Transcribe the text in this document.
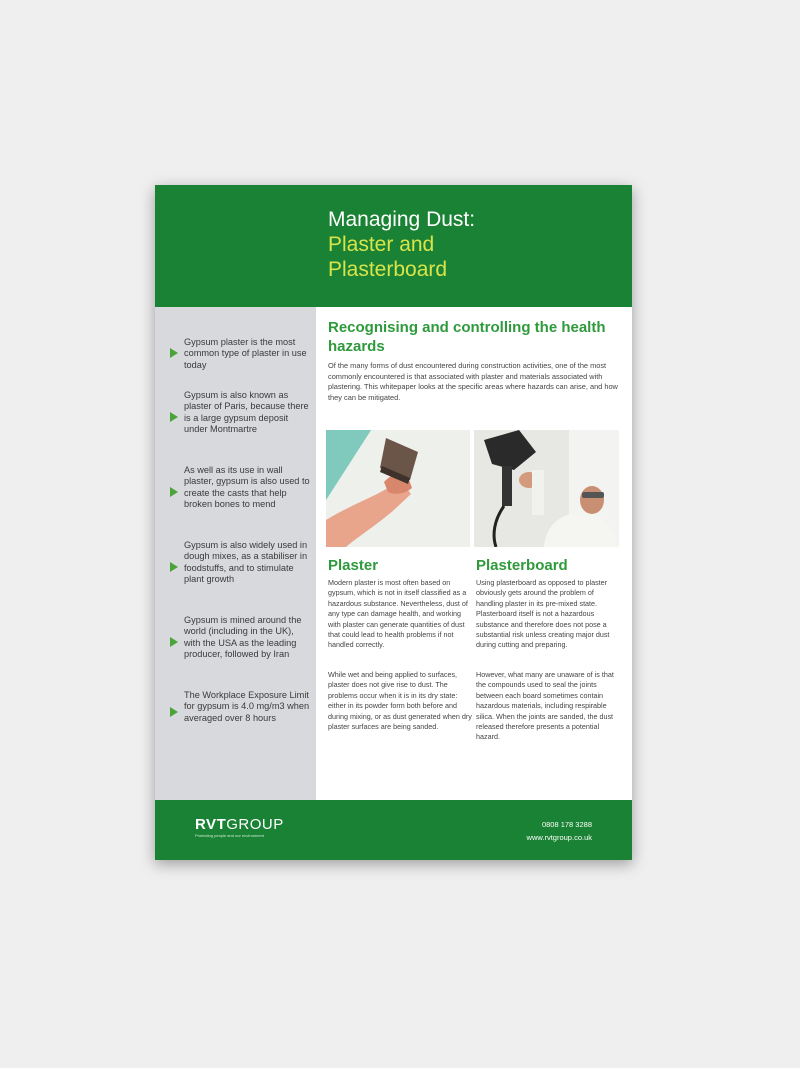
Managing Dust:
Plaster and
Plasterboard
Gypsum plaster is the most common type of plaster in use today
Gypsum is also known as plaster of Paris, because there is a large gypsum deposit under Montmartre
As well as its use in wall plaster, gypsum is also used to create the casts that help broken bones to mend
Gypsum is also widely used in dough mixes, as a stabiliser in foodstuffs, and to stimulate plant growth
Gypsum is mined around the world (including in the UK), with the USA as the leading producer, followed by Iran
The Workplace Exposure Limit for gypsum is 4.0 mg/m3 when averaged over 8 hours
Recognising and controlling the health hazards

Of the many forms of dust encountered during construction activities, one of the most commonly encountered is that associated with plaster and materials associated with plastering. This whitepaper looks at the specific areas where hazards can arise, and how they can be mitigated.

Plaster

Modern plaster is most often based on gypsum, which is not in itself classified as a hazardous substance. Nevertheless, dust of any type can damage health, and working with plaster can generate quantities of dust that could lead to health problems if not handled correctly.

While wet and being applied to surfaces, plaster does not give rise to dust. The problems occur when it is in its dry state: either in its powder form both before and during mixing, or as dust generated when dry plaster surfaces are being sanded.

Plasterboard

Using plasterboard as opposed to plaster obviously gets around the problem of handling plaster in its pre-mixed state. Plasterboard itself is not a hazardous substance and therefore does not pose a substantial risk unless creating major dust during cutting and preparing.

However, what many are unaware of is that the compounds used to seal the joints between each board sometimes contain hazardous materials, including respirable silica. When the joints are sanded, the dust released therefore presents a potential hazard.

RVTGROUP
Protecting people and our environment
0808 178 3288
www.rvtgroup.co.uk
